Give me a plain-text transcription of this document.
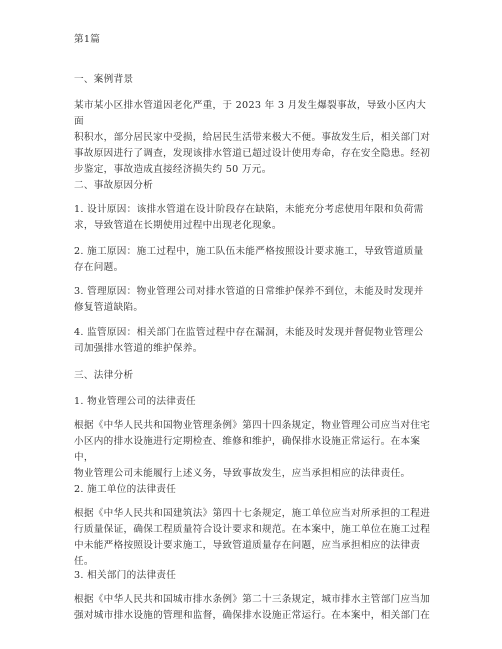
第1篇

一、案例背景

某市某小区排水管道因老化严重，于 2023 年 3 月发生爆裂事故，导致小区内大面
积积水，部分居民家中受损，给居民生活带来极大不便。事故发生后，相关部门对
事故原因进行了调查，发现该排水管道已超过设计使用寿命，存在安全隐患。经初
步鉴定，事故造成直接经济损失约 50 万元。

二、事故原因分析

1. 设计原因：该排水管道在设计阶段存在缺陷，未能充分考虑使用年限和负荷需
求，导致管道在长期使用过程中出现老化现象。

2. 施工原因：施工过程中，施工队伍未能严格按照设计要求施工，导致管道质量
存在问题。

3. 管理原因：物业管理公司对排水管道的日常维护保养不到位，未能及时发现并
修复管道缺陷。

4. 监管原因：相关部门在监管过程中存在漏洞，未能及时发现并督促物业管理公
司加强排水管道的维护保养。

三、法律分析

1. 物业管理公司的法律责任

根据《中华人民共和国物业管理条例》第四十四条规定，物业管理公司应当对住宅
小区内的排水设施进行定期检查、维修和维护，确保排水设施正常运行。在本案中，
物业管理公司未能履行上述义务，导致事故发生，应当承担相应的法律责任。

2. 施工单位的法律责任

根据《中华人民共和国建筑法》第四十七条规定，施工单位应当对所承担的工程进
行质量保证，确保工程质量符合设计要求和规范。在本案中，施工单位在施工过程
中未能严格按照设计要求施工，导致管道质量存在问题，应当承担相应的法律责任。

3. 相关部门的法律责任

根据《中华人民共和国城市排水条例》第二十三条规定，城市排水主管部门应当加
强对城市排水设施的管理和监督，确保排水设施正常运行。在本案中，相关部门在
